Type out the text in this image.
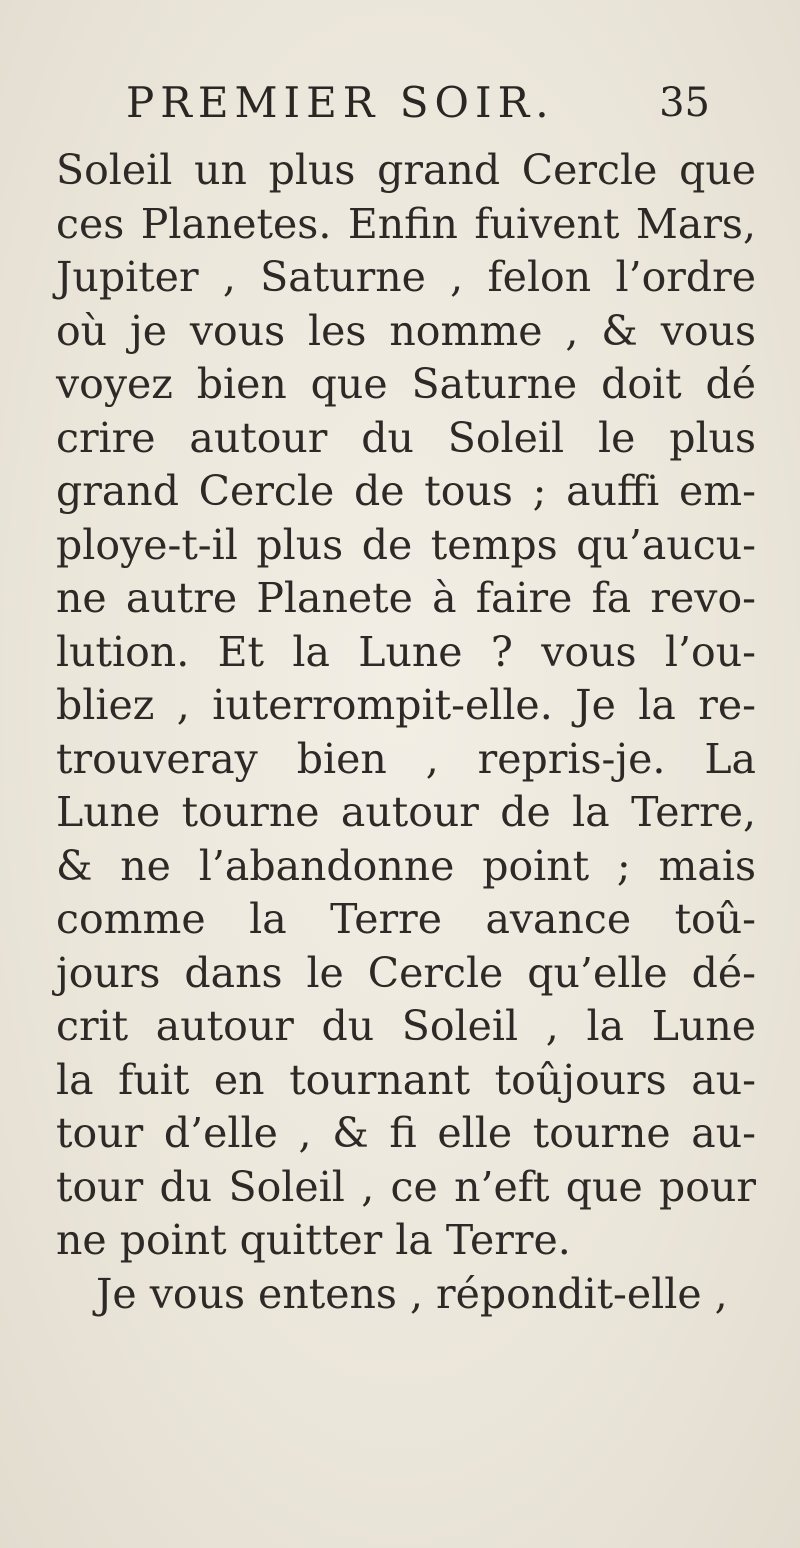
PREMIER SOIR.	35
Soleil un plus grand Cercle que
ces Planetes. Enfin fuivent Mars,
Jupiter , Saturne , felon l’ordre
où je vous les nomme , & vous
voyez bien que Saturne doit dé
crire autour du Soleil le plus
grand Cercle de tous ; auffi em-
ploye-t-il plus de temps qu’aucu-
ne autre Planete à faire fa revo-
lution. Et la Lune ? vous l’ou-
bliez , iuterrompit-elle. Je la re-
trouveray bien , repris-je. La
Lune tourne autour de la Terre,
& ne l’abandonne point ; mais
comme la Terre avance toû-
jours dans le Cercle qu’elle dé-
crit autour du Soleil , la Lune
la fuit en tournant toûjours au-
tour d’elle , & fi elle tourne au-
tour du Soleil , ce n’eft que pour
ne point quitter la Terre.
Je vous entens , répondit-elle ,
